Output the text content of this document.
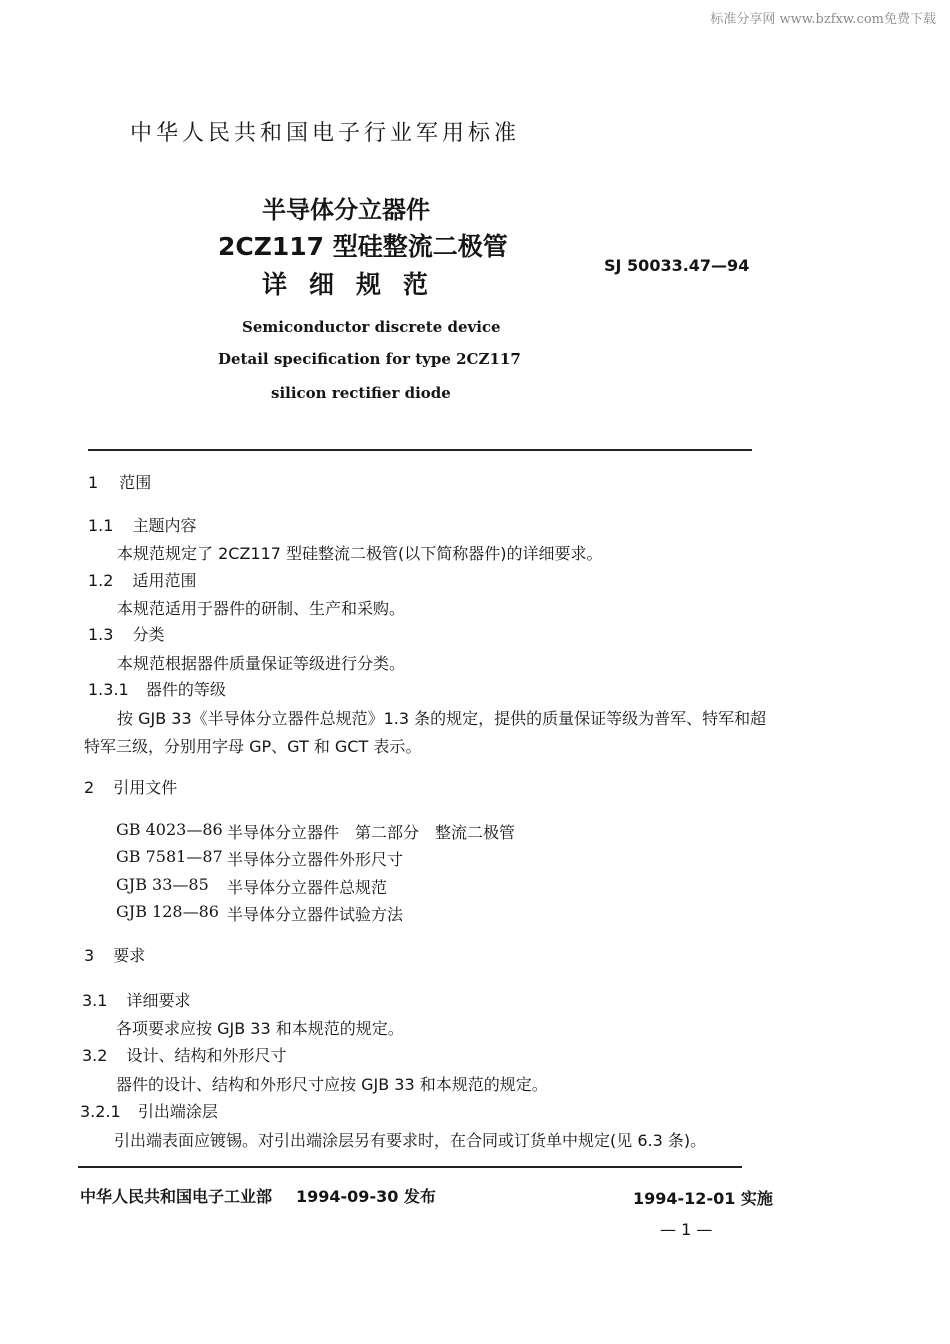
标准分享网 www.bzfxw.com免费下载
中华人民共和国电子行业军用标准
半导体分立器件
2CZ117 型硅整流二极管
详细规范
SJ 50033.47—94
Semiconductor discrete device
Detail specification for type 2CZ117
silicon rectifier diode
1 范围
1.1 主题内容
本规范规定了 2CZ117 型硅整流二极管(以下简称器件)的详细要求。
1.2 适用范围
本规范适用于器件的研制、生产和采购。
1.3 分类
本规范根据器件质量保证等级进行分类。
1.3.1 器件的等级
按 GJB 33《半导体分立器件总规范》1.3 条的规定，提供的质量保证等级为普军、特军和超
特军三级，分别用字母 GP、GT 和 GCT 表示。
2 引用文件
GB 4023—86 半导体分立器件　第二部分　整流二极管
GB 7581—87 半导体分立器件外形尺寸
GJB 33—85 半导体分立器件总规范
GJB 128—86 半导体分立器件试验方法
3 要求
3.1 详细要求
各项要求应按 GJB 33 和本规范的规定。
3.2 设计、结构和外形尺寸
器件的设计、结构和外形尺寸应按 GJB 33 和本规范的规定。
3.2.1 引出端涂层
引出端表面应镀锡。对引出端涂层另有要求时，在合同或订货单中规定(见 6.3 条)。
中华人民共和国电子工业部 1994-09-30 发布	1994-12-01 实施
— 1 —
